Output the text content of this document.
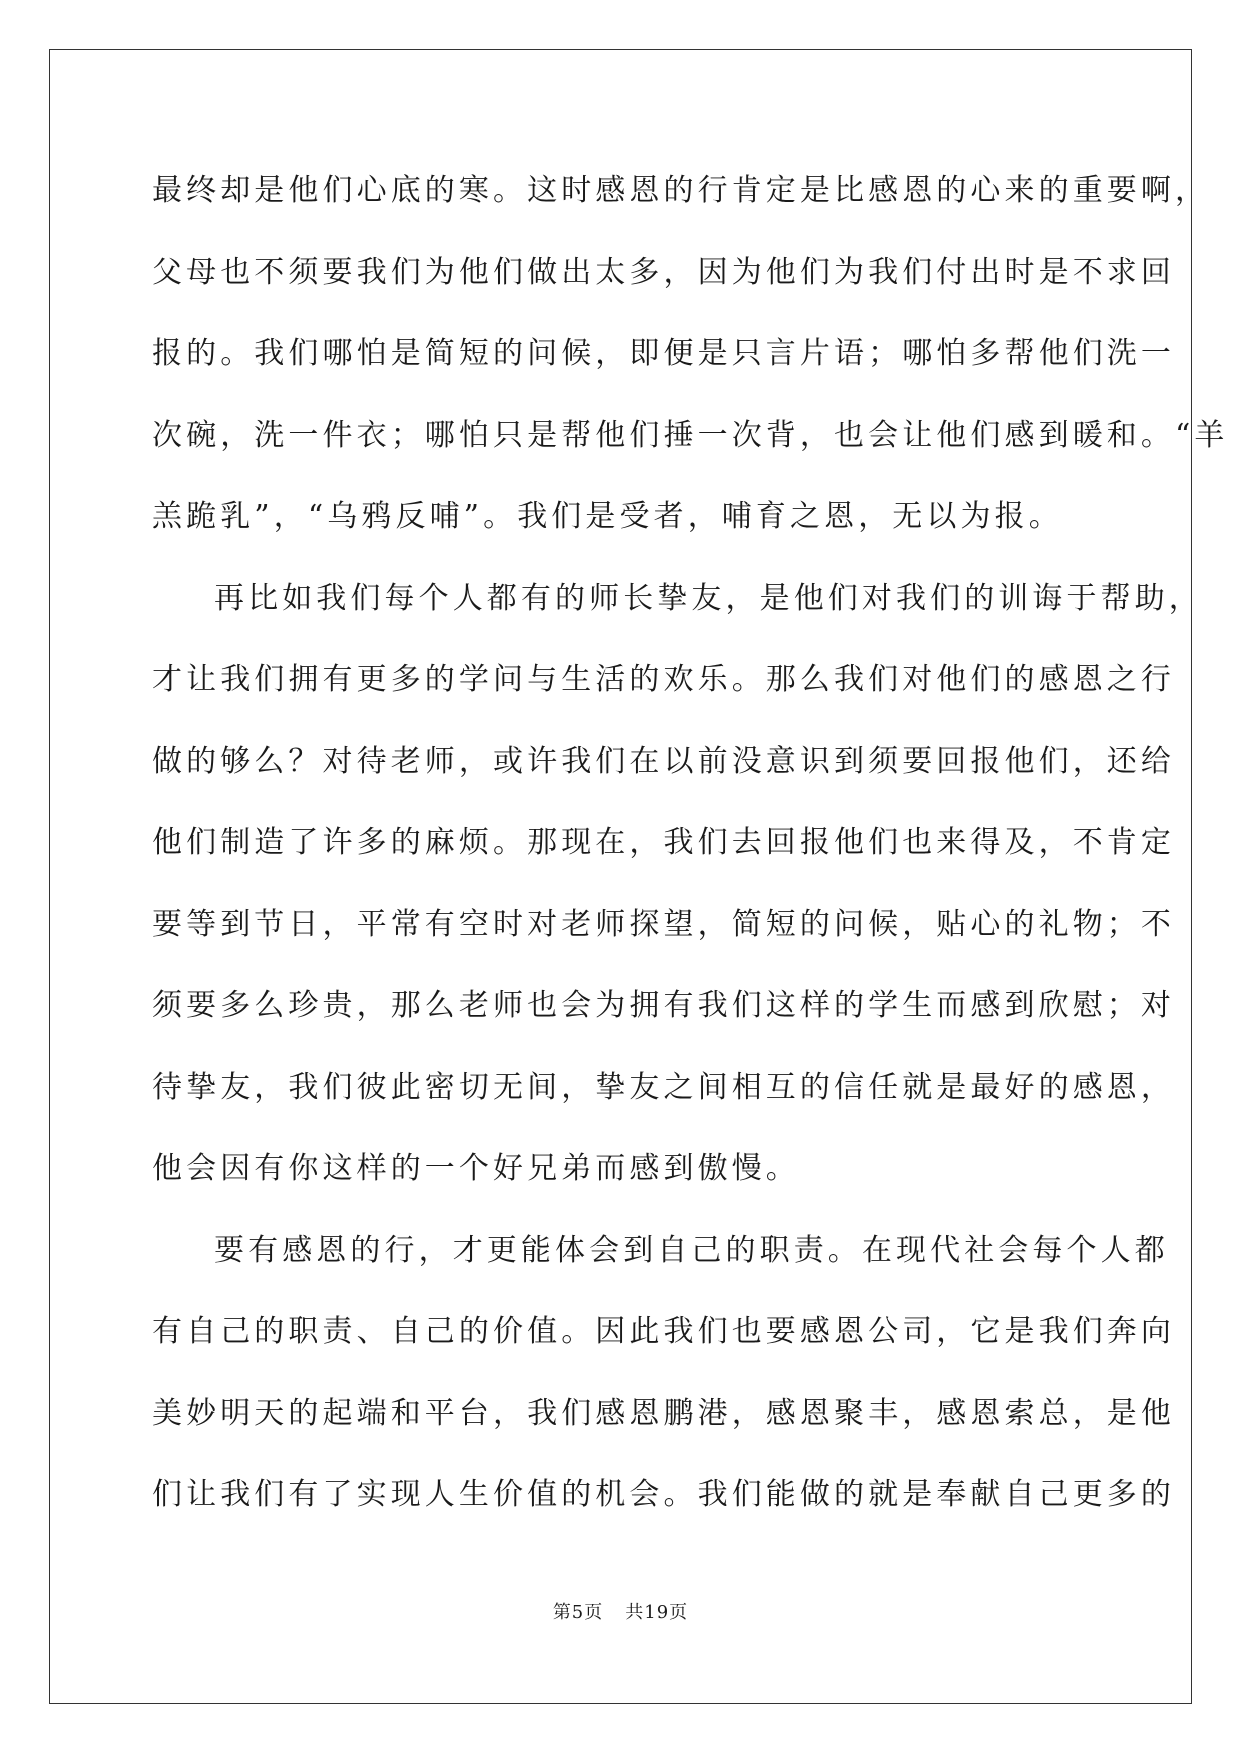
最终却是他们心底的寒。这时感恩的行肯定是比感恩的心来的重要啊，
父母也不须要我们为他们做出太多，因为他们为我们付出时是不求回
报的。我们哪怕是简短的问候，即便是只言片语；哪怕多帮他们洗一
次碗，洗一件衣；哪怕只是帮他们捶一次背，也会让他们感到暖和。“羊
羔跪乳”，“乌鸦反哺”。我们是受者，哺育之恩，无以为报。
再比如我们每个人都有的师长挚友，是他们对我们的训诲于帮助，
才让我们拥有更多的学问与生活的欢乐。那么我们对他们的感恩之行
做的够么？对待老师，或许我们在以前没意识到须要回报他们，还给
他们制造了许多的麻烦。那现在，我们去回报他们也来得及，不肯定
要等到节日，平常有空时对老师探望，简短的问候，贴心的礼物；不
须要多么珍贵，那么老师也会为拥有我们这样的学生而感到欣慰；对
待挚友，我们彼此密切无间，挚友之间相互的信任就是最好的感恩，
他会因有你这样的一个好兄弟而感到傲慢。
要有感恩的行，才更能体会到自己的职责。在现代社会每个人都
有自己的职责、自己的价值。因此我们也要感恩公司，它是我们奔向
美妙明天的起端和平台，我们感恩鹏港，感恩聚丰，感恩索总，是他
们让我们有了实现人生价值的机会。我们能做的就是奉献自己更多的
第5页 共19页
